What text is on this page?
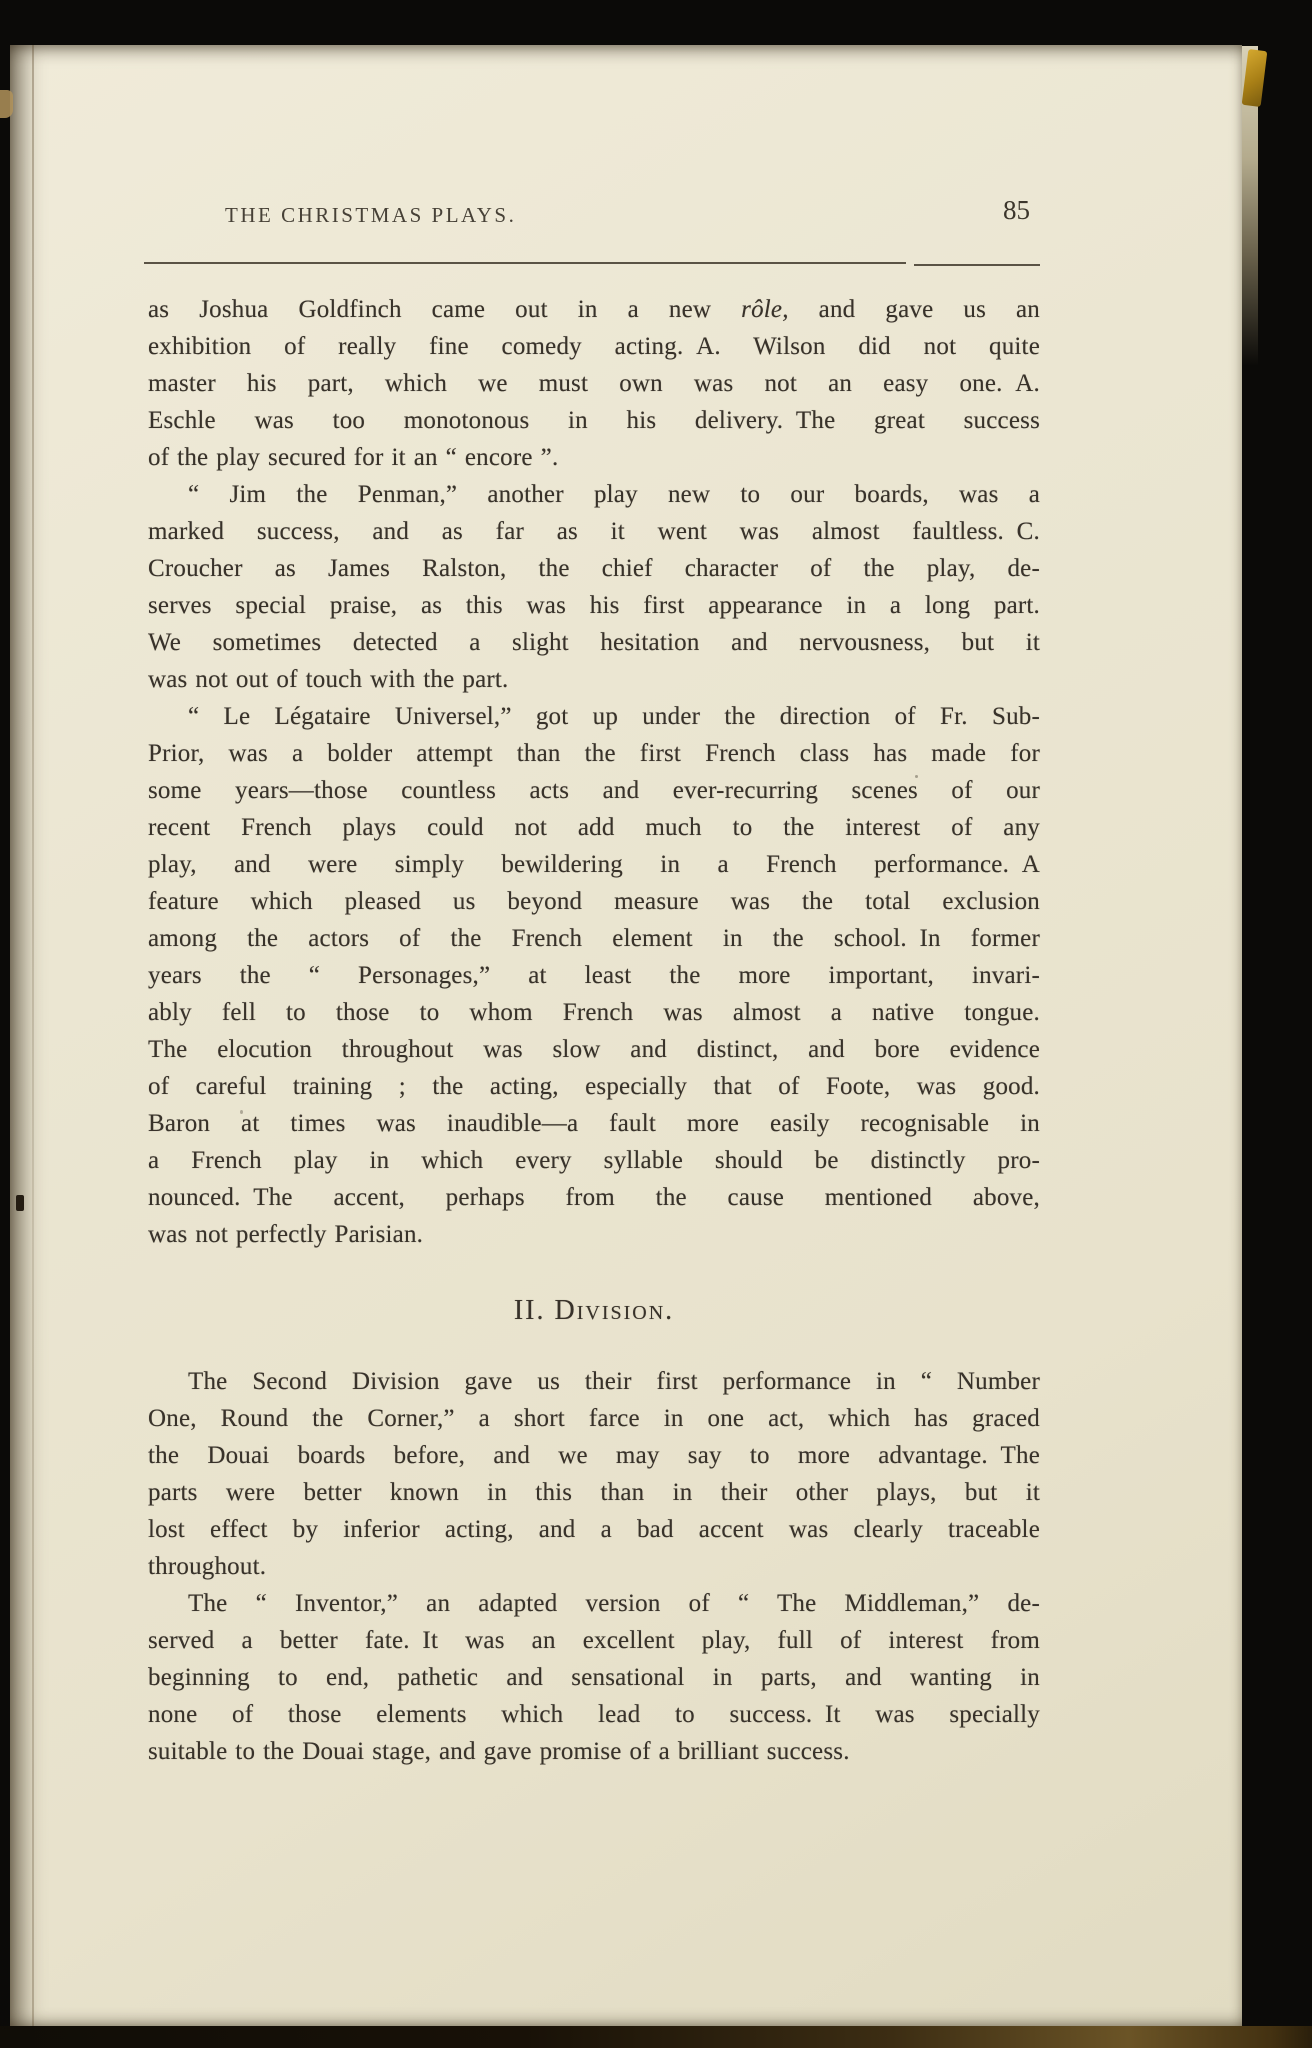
THE CHRISTMAS PLAYS.	85
as Joshua Goldfinch came out in a new rôle, and gave us an
exhibition of really fine comedy acting. A. Wilson did not quite
master his part, which we must own was not an easy one. A.
Eschle was too monotonous in his delivery. The great success
of the play secured for it an “ encore ”.
“ Jim the Penman,” another play new to our boards, was a
marked success, and as far as it went was almost faultless. C.
Croucher as James Ralston, the chief character of the play, de-
serves special praise, as this was his first appearance in a long part.
We sometimes detected a slight hesitation and nervousness, but it
was not out of touch with the part.
“ Le Légataire Universel,” got up under the direction of Fr. Sub-
Prior, was a bolder attempt than the first French class has made for
some years—those countless acts and ever-recurring scenes of our
recent French plays could not add much to the interest of any
play, and were simply bewildering in a French performance. A
feature which pleased us beyond measure was the total exclusion
among the actors of the French element in the school. In former
years the “ Personages,” at least the more important, invari-
ably fell to those to whom French was almost a native tongue.
The elocution throughout was slow and distinct, and bore evidence
of careful training ; the acting, especially that of Foote, was good.
Baron at times was inaudible—a fault more easily recognisable in
a French play in which every syllable should be distinctly pro-
nounced. The accent, perhaps from the cause mentioned above,
was not perfectly Parisian.
II. Division.
The Second Division gave us their first performance in “ Number
One, Round the Corner,” a short farce in one act, which has graced
the Douai boards before, and we may say to more advantage. The
parts were better known in this than in their other plays, but it
lost effect by inferior acting, and a bad accent was clearly traceable
throughout.
The “ Inventor,” an adapted version of “ The Middleman,” de-
served a better fate. It was an excellent play, full of interest from
beginning to end, pathetic and sensational in parts, and wanting in
none of those elements which lead to success. It was specially
suitable to the Douai stage, and gave promise of a brilliant success.
